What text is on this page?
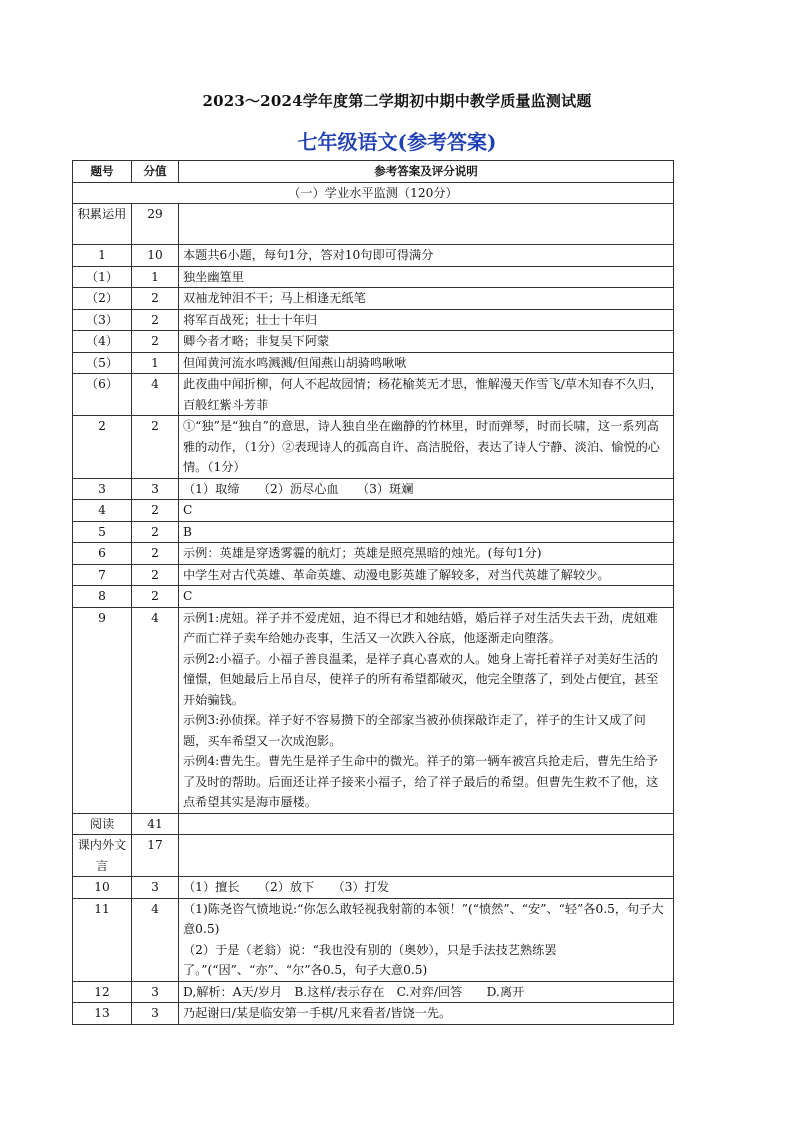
2023～2024学年度第二学期初中期中教学质量监测试题
七年级语文(参考答案)
题号	分值	参考答案及评分说明
（一）学业水平监测（120分）		
积累运用	29	

1	10	本题共6小题，每句1分，答对10句即可得满分

（1）	1	独坐幽篁里

（2）	2	双袖龙钟泪不干；马上相逢无纸笔

（3）	2	将军百战死；壮士十年归

（4）	2	卿今者才略；非复吴下阿蒙

（5）	1	但闻黄河流水鸣溅溅/但闻燕山胡骑鸣啾啾

（6）	4	此夜曲中闻折柳，何人不起故园情；杨花榆荚无才思，惟解漫天作雪飞/草木知春不久归，百般红紫斗芳菲

2	2	①“独”是“独自”的意思，诗人独自坐在幽静的竹林里，时而弹琴，时而长啸，这一系列高雅的动作，（1分）②表现诗人的孤高自许、高洁脱俗，表达了诗人宁静、淡泊、愉悦的心情。（1分）

3	3	（1）取缔　　（2）沥尽心血　　（3）斑斓

4	2	C

5	2	B

6	2	示例：英雄是穿透雾霾的航灯；英雄是照亮黑暗的烛光。(每句1分)

7	2	中学生对古代英雄、革命英雄、动漫电影英雄了解较多，对当代英雄了解较少。

8	2	C

9	4	示例1:虎妞。祥子并不爱虎妞，迫不得已才和她结婚，婚后祥子对生活失去干劲，虎妞难产而亡祥子卖车给她办丧事，生活又一次跌入谷底，他逐渐走向堕落。
示例2:小福子。小福子善良温柔，是祥子真心喜欢的人。她身上寄托着祥子对美好生活的憧憬，但她最后上吊自尽，使祥子的所有希望都破灭，他完全堕落了，到处占便宜，甚至开始骗钱。
示例3:孙侦探。祥子好不容易攒下的全部家当被孙侦探敲诈走了，祥子的生计又成了问题，买车希望又一次成泡影。
示例4:曹先生。曹先生是祥子生命中的微光。祥子的第一辆车被宫兵抢走后，曹先生给予了及时的帮助。后面还让祥子接来小福子，给了祥子最后的希望。但曹先生救不了他，这点希望其实是海市蜃楼。

阅读	41	

课内外文言	17	

10	3	（1）擅长　　（2）放下　　（3）打发

11	4	（1)陈尧咨气愤地说:“你怎么敢轻视我射箭的本领！”(“愤然”、“安”、“轻”各0.5，句子大意0.5)
（2）于是（老翁）说：“我也没有别的（奥妙），只是手法技艺熟练罢了。”(“因”、“亦”、“尔”各0.5，句子大意0.5)

12	3	D,解析：A天/岁月　B.这样/表示存在　C.对弈/回答　　D.离开

13	3	乃起谢曰/某是临安第一手棋/凡来看者/皆饶一先。
